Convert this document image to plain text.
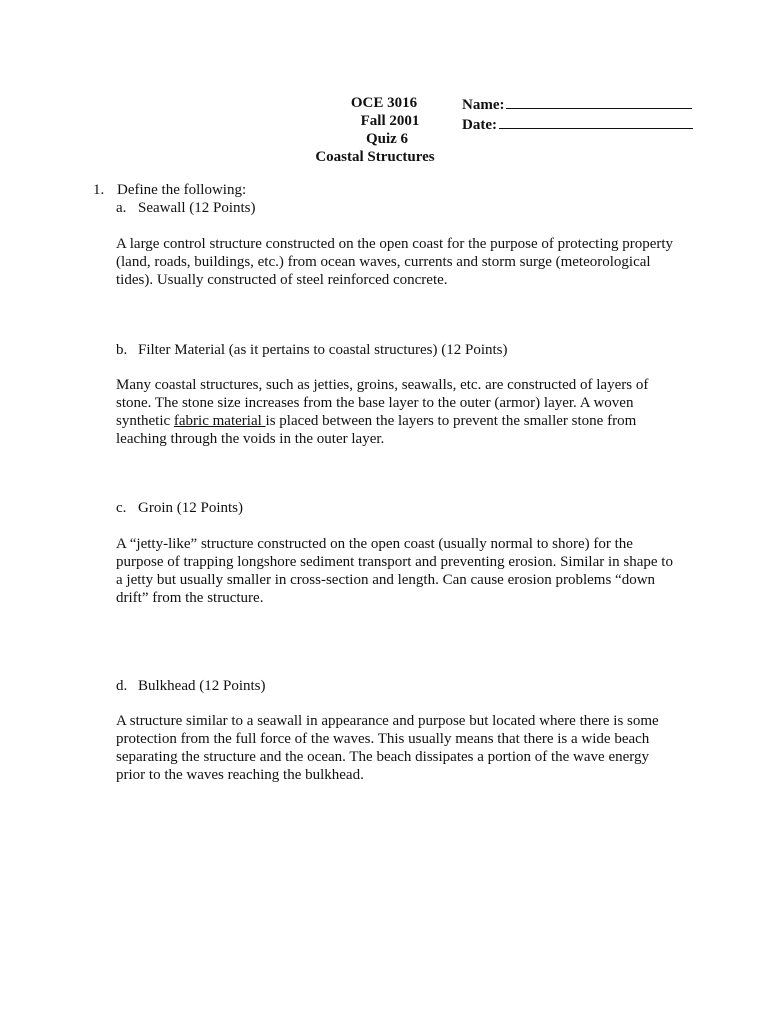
OCE 3016
Fall 2001
Quiz 6
Coastal Structures
Name:
Date:
1. Define the following:
a. Seawall (12 Points)
A large control structure constructed on the open coast for the purpose of protecting property
(land, roads, buildings, etc.) from ocean waves, currents and storm surge (meteorological
tides). Usually constructed of steel reinforced concrete.
b. Filter Material (as it pertains to coastal structures) (12 Points)
Many coastal structures, such as jetties, groins, seawalls, etc. are constructed of layers of
stone. The stone size increases from the base layer to the outer (armor) layer. A woven
synthetic fabric material is placed between the layers to prevent the smaller stone from
leaching through the voids in the outer layer.
c. Groin (12 Points)
A “jetty-like” structure constructed on the open coast (usually normal to shore) for the
purpose of trapping longshore sediment transport and preventing erosion. Similar in shape to
a jetty but usually smaller in cross-section and length. Can cause erosion problems “down
drift” from the structure.
d. Bulkhead (12 Points)
A structure similar to a seawall in appearance and purpose but located where there is some
protection from the full force of the waves. This usually means that there is a wide beach
separating the structure and the ocean. The beach dissipates a portion of the wave energy
prior to the waves reaching the bulkhead.
